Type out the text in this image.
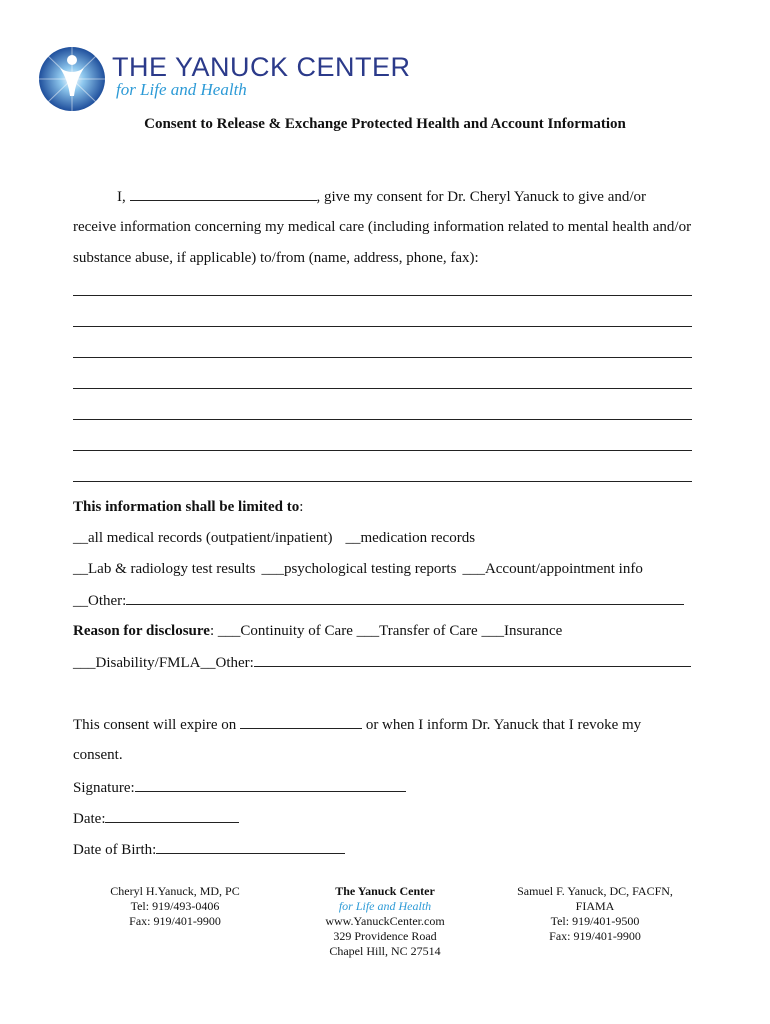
THE YANUCK CENTER
for Life and Health
Consent to Release & Exchange Protected Health and Account Information
I,	, give my consent for Dr. Cheryl Yanuck to give and/or
receive information concerning my medical care (including information related to mental health and/or
substance abuse, if applicable) to/from (name, address, phone, fax):
This information shall be limited to:
__all medical records (outpatient/inpatient) __medication records
__Lab & radiology test results ___psychological testing reports ___Account/appointment info
__Other:
Reason for disclosure: ___Continuity of Care ___Transfer of Care ___Insurance
___Disability/FMLA__Other:
This consent will expire on	or when I inform Dr. Yanuck that I revoke my
consent.
Signature:
Date:
Date of Birth:
Cheryl H.Yanuck, MD, PC
Tel: 919/493-0406
Fax: 919/401-9900
The Yanuck Center
for Life and Health
www.YanuckCenter.com
329 Providence Road
Chapel Hill, NC 27514
Samuel F. Yanuck, DC, FACFN,
FIAMA
Tel: 919/401-9500
Fax: 919/401-9900
